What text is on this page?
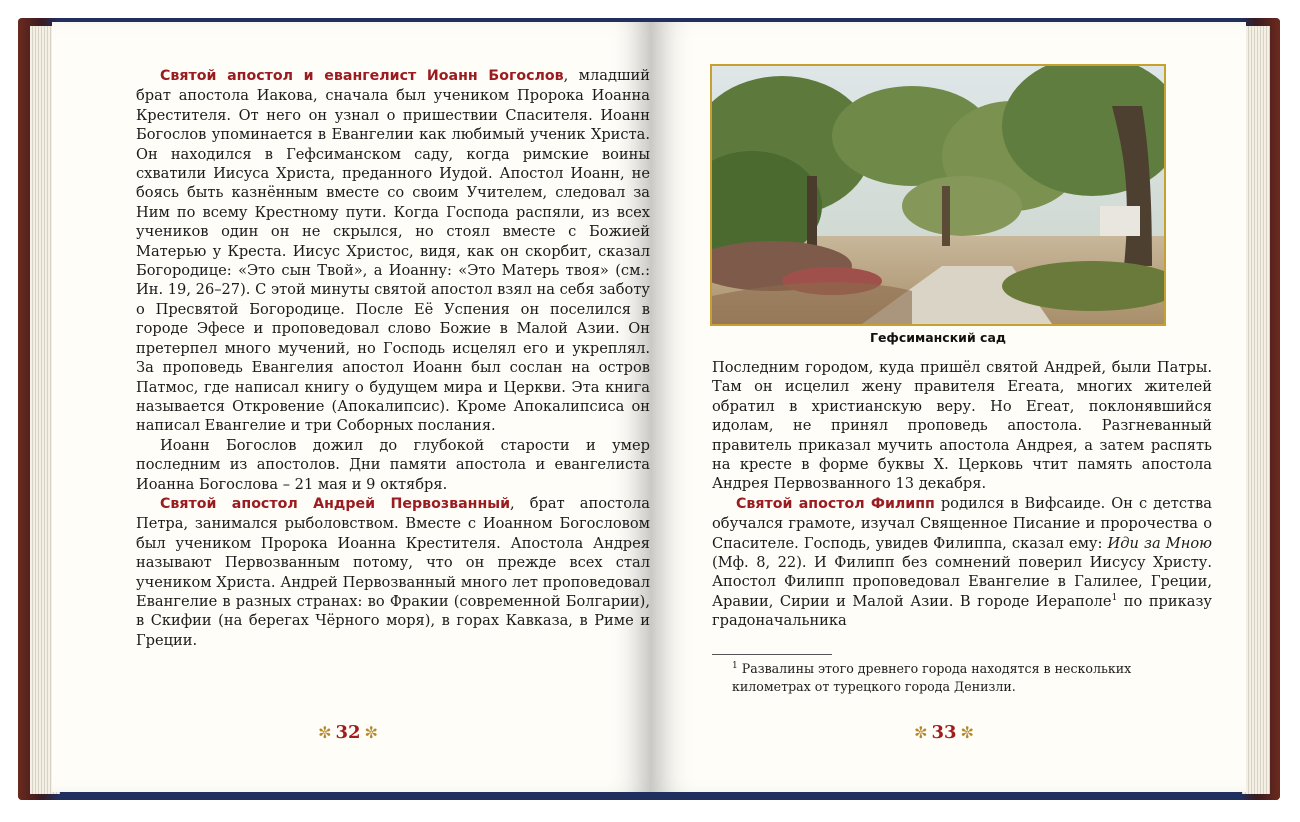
Святой апостол и евангелист Иоанн Богослов, младший брат апостола Иакова, сначала был учеником Пророка Иоанна Крестителя. От него он узнал о пришествии Спасителя. Иоанн Богослов упоминается в Евангелии как любимый ученик Христа. Он находился в Гефсиманском саду, когда римские воины схватили Иисуса Христа, преданного Иудой. Апостол Иоанн, не боясь быть казнённым вместе со своим Учителем, следовал за Ним по всему Крестному пути. Когда Господа распяли, из всех учеников один он не скрылся, но стоял вместе с Божией Матерью у Креста. Иисус Христос, видя, как он скорбит, сказал Богородице: «Это сын Твой», а Иоанну: «Это Матерь твоя» (см.: Ин. 19, 26–27). С этой минуты святой апостол взял на себя заботу о Пресвятой Богородице. После Её Успения он поселился в городе Эфесе и проповедовал слово Божие в Малой Азии. Он претерпел много мучений, но Господь исцелял его и укреплял. За проповедь Евангелия апостол Иоанн был сослан на остров Патмос, где написал книгу о будущем мира и Церкви. Эта книга называется Откровение (Апокалипсис). Кроме Апокалипсиса он написал Евангелие и три Соборных послания.

Иоанн Богослов дожил до глубокой старости и умер последним из апостолов. Дни памяти апостола и евангелиста Иоанна Богослова – 21 мая и 9 октября.

Святой апостол Андрей Первозванный, брат апостола Петра, занимался рыболовством. Вместе с Иоанном Богословом был учеником Пророка Иоанна Крестителя. Апостола Андрея называют Первозванным потому, что он прежде всех стал учеником Христа. Андрей Первозванный много лет проповедовал Евангелие в разных странах: во Фракии (современной Болгарии), в Скифии (на берегах Чёрного моря), в горах Кавказа, в Риме и Греции.

✼ 32 ✼
Гефсиманский сад

Последним городом, куда пришёл святой Андрей, были Патры. Там он исцелил жену правителя Егеата, многих жителей обратил в христианскую веру. Но Егеат, поклонявшийся идолам, не принял проповедь апостола. Разгневанный правитель приказал мучить апостола Андрея, а затем распять на кресте в форме буквы Х. Церковь чтит память апостола Андрея Первозванного 13 декабря.

Святой апостол Филипп родился в Вифсаиде. Он с детства обучался грамоте, изучал Священное Писание и пророчества о Спасителе. Господь, увидев Филиппа, сказал ему: Иди за Мною (Мф. 8, 22). И Филипп без сомнений поверил Иисусу Христу. Апостол Филипп проповедовал Евангелие в Галилее, Греции, Аравии, Сирии и Малой Азии. В городе Иераполе$^1$ по приказу градоначальника

$^1$ Развалины этого древнего города находятся в нескольких километрах от турецкого города Денизли.
✼ 33 ✼
